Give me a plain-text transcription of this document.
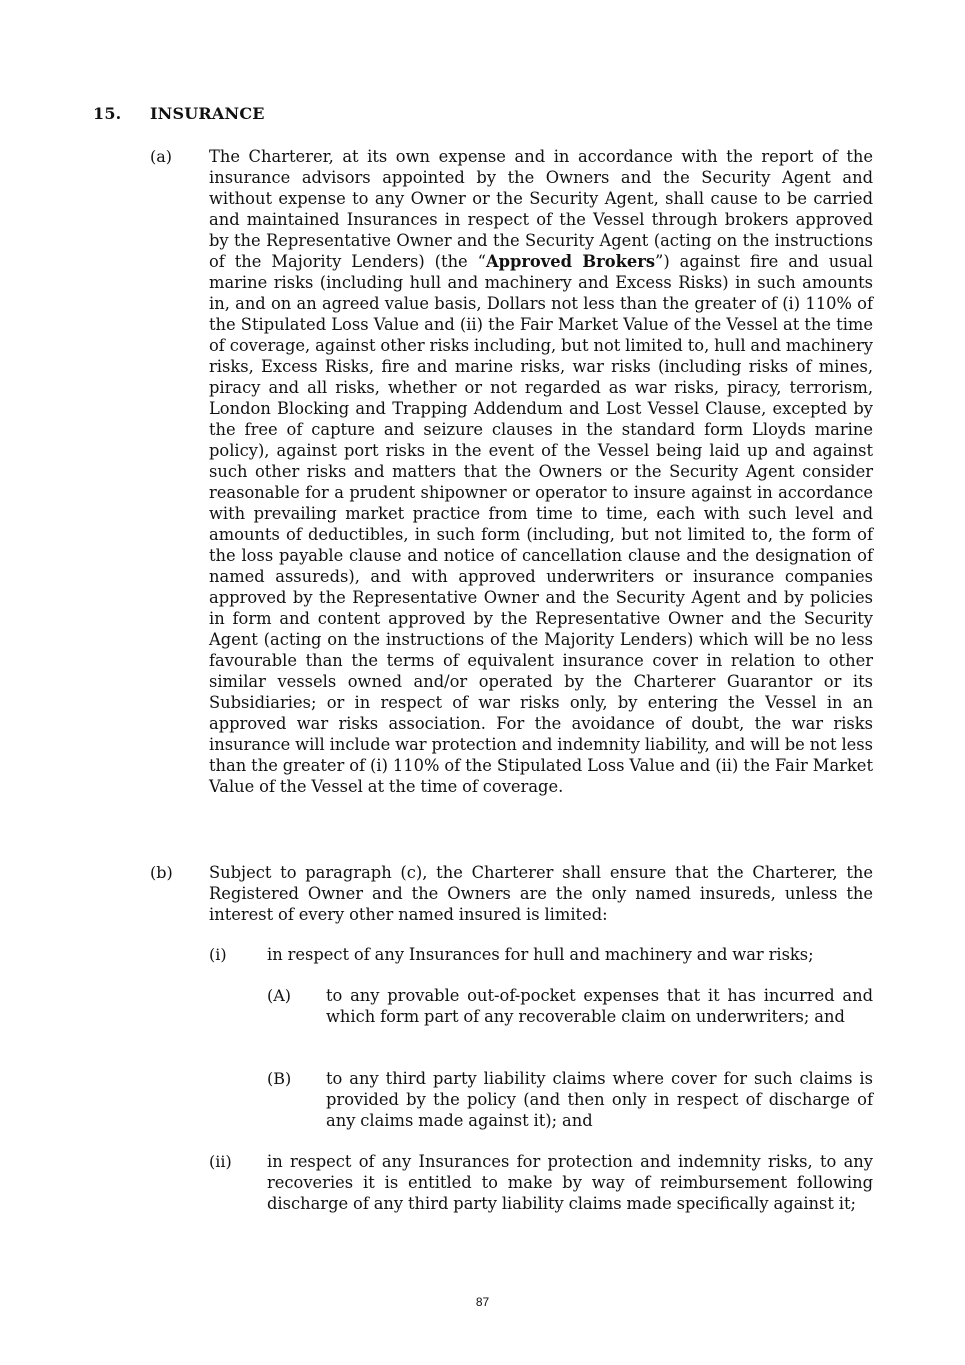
15. INSURANCE
(a) The Charterer, at its own expense and in accordance with the report of the insurance advisors appointed by the Owners and the Security Agent and without expense to any Owner or the Security Agent, shall cause to be carried and maintained Insurances in respect of the Vessel through brokers approved by the Representative Owner and the Security Agent (acting on the instructions of the Majority Lenders) (the “Approved Brokers”) against fire and usual marine risks (including hull and machinery and Excess Risks) in such amounts in, and on an agreed value basis, Dollars not less than the greater of (i) 110% of the Stipulated Loss Value and (ii) the Fair Market Value of the Vessel at the time of coverage, against other risks including, but not limited to, hull and machinery risks, Excess Risks, fire and marine risks, war risks (including risks of mines, piracy and all risks, whether or not regarded as war risks, piracy, terrorism, London Blocking and Trapping Addendum and Lost Vessel Clause, excepted by the free of capture and seizure clauses in the standard form Lloyds marine policy), against port risks in the event of the Vessel being laid up and against such other risks and matters that the Owners or the Security Agent consider reasonable for a prudent shipowner or operator to insure against in accordance with prevailing market practice from time to time, each with such level and amounts of deductibles, in such form (including, but not limited to, the form of the loss payable clause and notice of cancellation clause and the designation of named assureds), and with approved underwriters or insurance companies approved by the Representative Owner and the Security Agent and by policies in form and content approved by the Representative Owner and the Security Agent (acting on the instructions of the Majority Lenders) which will be no less favourable than the terms of equivalent insurance cover in relation to other similar vessels owned and/or operated by the Charterer Guarantor or its Subsidiaries; or in respect of war risks only, by entering the Vessel in an approved war risks association. For the avoidance of doubt, the war risks insurance will include war protection and indemnity liability, and will be not less than the greater of (i) 110% of the Stipulated Loss Value and (ii) the Fair Market Value of the Vessel at the time of coverage.
(b) Subject to paragraph (c), the Charterer shall ensure that the Charterer, the Registered Owner and the Owners are the only named insureds, unless the interest of every other named insured is limited:
(i) in respect of any Insurances for hull and machinery and war risks;
(A) to any provable out-of-pocket expenses that it has incurred and which form part of any recoverable claim on underwriters; and
(B) to any third party liability claims where cover for such claims is provided by the policy (and then only in respect of discharge of any claims made against it); and
(ii) in respect of any Insurances for protection and indemnity risks, to any recoveries it is entitled to make by way of reimbursement following discharge of any third party liability claims made specifically against it;
87
